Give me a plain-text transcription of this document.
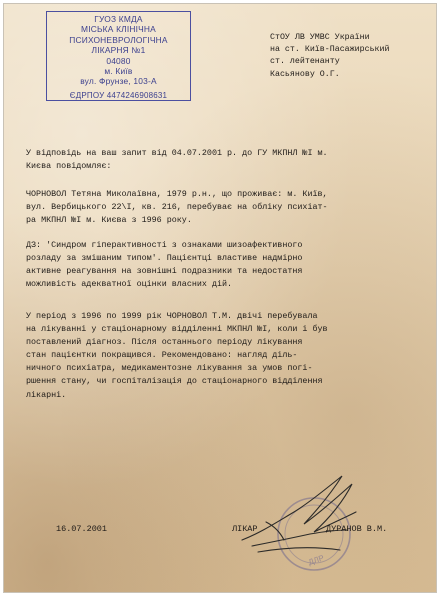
ГУОЗ КМДА
МІСЬКА КЛІНІЧНА
ПСИХОНЕВРОЛОГІЧНА
ЛІКАРНЯ №1
04080
м. Київ
вул. Фрунзе, 103-А
ЄДРПОУ 4474246908631
СтОУ ЛВ УМВС України
на ст. Київ-Пасажирський
ст. лейтенанту
Касьянову О.Г.
У відповідь на ваш запит від 04.07.2001 р. до ГУ МКПНЛ №І м.
Києва повідомляє:
ЧОРНОВОЛ Тетяна Миколаївна, 1979 р.н., що проживає: м. Київ,
вул. Вербицького 22\І, кв. 216, перебуває на обліку психіат-
ра МКПНЛ №І м. Києва з 1996 року.
ДЗ: 'Синдром гіперактивності з ознаками шизоафективного
розладу за змішаним типом'. Пацієнтці властиве надмірно
активне реагування на зовнішні подразники та недостатня
можливість адекватної оцінки власних дій.
У період з 1996 по 1999 рік ЧОРНОВОЛ Т.М. двічі перебувала
на лікуванні у стаціонарному відділенні МКПНЛ №І, коли і був
поставлений діагноз. Після останнього періоду лікування
стан пацієнтки покращився. Рекомендовано: нагляд діль-
ничного психіатра, медикаментозне лікування за умов погі-
ршення стану, чи госпіталізація до стаціонарного відділення
лікарні.
ДЛР
16.07.2001	ЛІКАР	ДУРАНОВ В.М.
